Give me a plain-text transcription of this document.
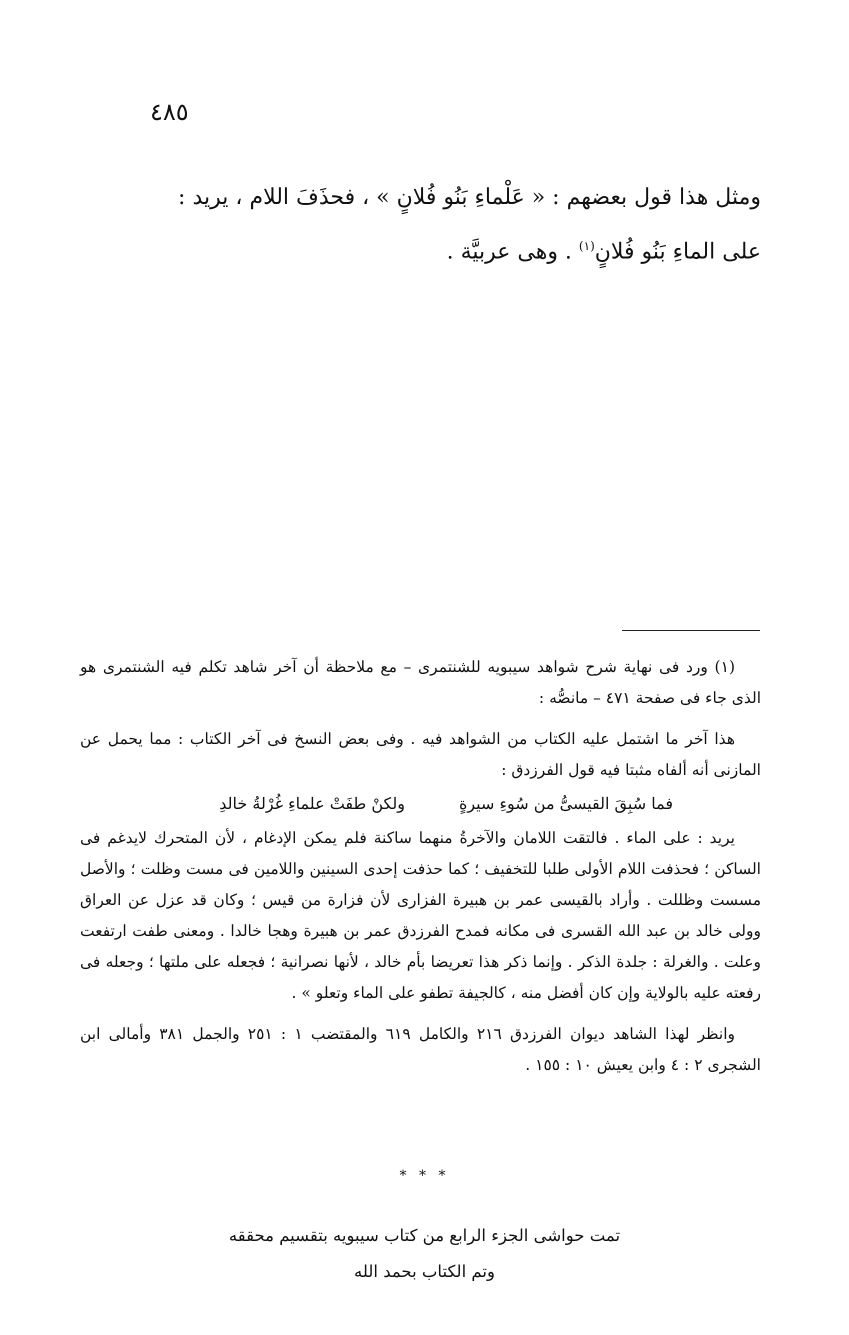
٤٨٥

ومثل هذا قول بعضهم : « عَلْماءِ بَنُو فُلانٍ » ، فحذَفَ اللام ، يريد :

على الماءِ بَنُو فُلانٍ$^{(١)}$ . وهى عربيَّة .

(١) ورد فى نهاية شرح شواهد سيبويه للشنتمرى – مع ملاحظة أن آخر شاهد تكلم فيه الشنتمرى هو الذى جاء فى صفحة ٤٧١ – مانصُّه :

هذا آخر ما اشتمل عليه الكتاب من الشواهد فيه . وفى بعض النسخ فى آخر الكتاب : مما يحمل عن المازنى أنه ألفاه مثبتا فيه قول الفرزدق :

فما سُبِقَ القيسىُّ من سُوءِ سيرةٍ
ولكنْ طفَتْ علماءِ غُرْلةُ خالدِ

يريد : على الماء . فالتقت اللامان والآخرةُ منهما ساكنة فلم يمكن الإدغام ، لأن المتحرك لايدغم فى الساكن ؛ فحذفت اللام الأولى طلبا للتخفيف ؛ كما حذفت إحدى السينين واللامين فى مست وظلت ؛ والأصل مسست وظللت . وأراد بالقيسى عمر بن هبيرة الفزارى لأن فزارة من قيس ؛ وكان قد عزل عن العراق وولى خالد بن عبد الله القسرى فى مكانه فمدح الفرزدق عمر بن هبيرة وهجا خالدا . ومعنى طفت ارتفعت وعلت . والغرلة : جلدة الذكر . وإنما ذكر هذا تعريضا بأم خالد ، لأنها نصرانية ؛ فجعله على ملتها ؛ وجعله فى رفعته عليه بالولاية وإن كان أفضل منه ، كالجيفة تطفو على الماء وتعلو » .

وانظر لهذا الشاهد ديوان الفرزدق ٢١٦ والكامل ٦١٩ والمقتضب ١ : ٢٥١ والجمل ٣٨١ وأمالى ابن الشجرى ٢ : ٤ وابن يعيش ١٠ : ١٥٥ .

* * *

تمت حواشى الجزء الرابع من كتاب سيبويه بتقسيم محققه

وتم الكتاب بحمد الله
